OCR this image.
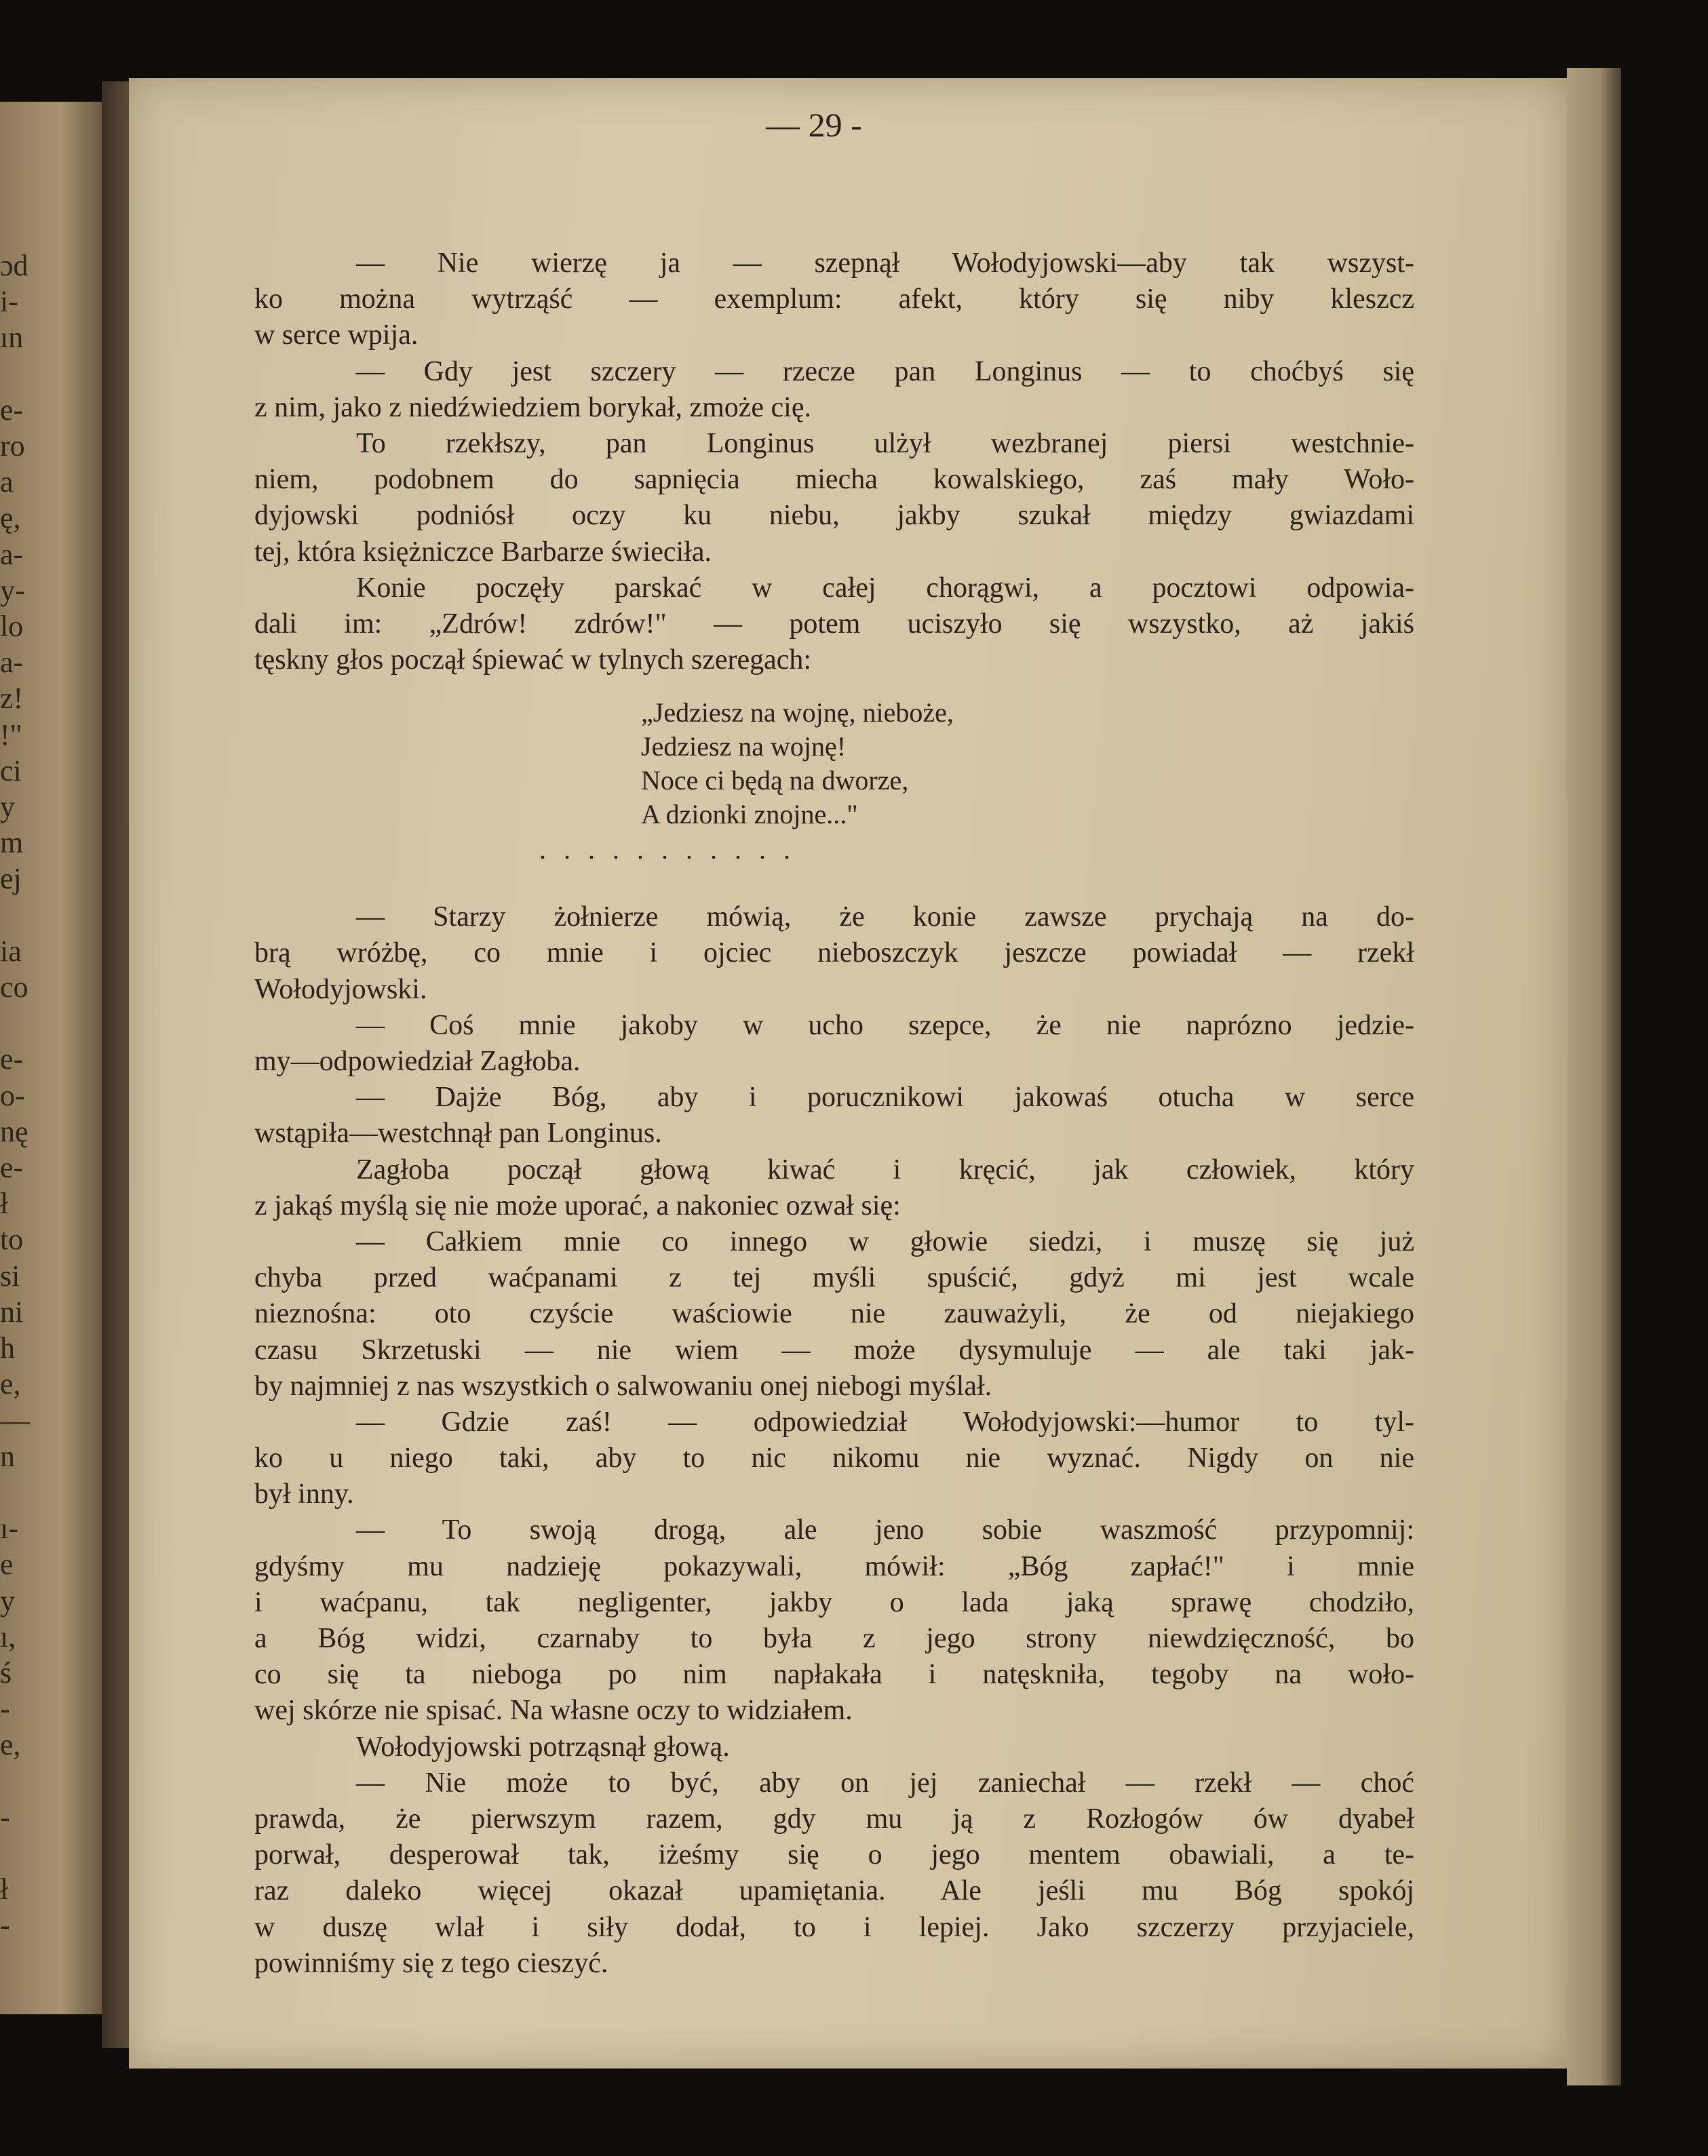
ɔd
i-
ın

e-
ro
a
ę,
a-
y-
lo
a-
z!
!"
ci
y
m
ej

ia
co

e-
o-
nę
e-
ł
to
si
ni
h
e,
—
n

ı-
e
y
ı,
ś
-
e,

-

ł
-
— 29 -
— Nie wierzę ja — szepnął Wołodyjowski—aby tak wszyst-
ko można wytrząść — exemplum: afekt, który się niby kleszcz
w serce wpija.
— Gdy jest szczery — rzecze pan Longinus — to choćbyś się
z nim, jako z niedźwiedziem borykał, zmoże cię.
To rzekłszy, pan Longinus ulżył wezbranej piersi westchnie-
niem, podobnem do sapnięcia miecha kowalskiego, zaś mały Woło-
dyjowski podniósł oczy ku niebu, jakby szukał między gwiazdami
tej, która księżniczce Barbarze świeciła.
Konie poczęły parskać w całej chorągwi, a pocztowi odpowia-
dali im: „Zdrów! zdrów!" — potem uciszyło się wszystko, aż jakiś
tęskny głos począł śpiewać w tylnych szeregach:
„Jedziesz na wojnę, nieboże,
Jedziesz na wojnę!
Noce ci będą na dworze,
A dzionki znojne..."
...........
— Starzy żołnierze mówią, że konie zawsze prychają na do-
brą wróżbę, co mnie i ojciec nieboszczyk jeszcze powiadał — rzekł
Wołodyjowski.
— Coś mnie jakoby w ucho szepce, że nie naprózno jedzie-
my—odpowiedział Zagłoba.
— Dajże Bóg, aby i porucznikowi jakowaś otucha w serce
wstąpiła—westchnął pan Longinus.
Zagłoba począł głową kiwać i kręcić, jak człowiek, który
z jakąś myślą się nie może uporać, a nakoniec ozwał się:
— Całkiem mnie co innego w głowie siedzi, i muszę się już
chyba przed waćpanami z tej myśli spuścić, gdyż mi jest wcale
nieznośna: oto czyście waściowie nie zauważyli, że od niejakiego
czasu Skrzetuski — nie wiem — może dysymuluje — ale taki jak-
by najmniej z nas wszystkich o salwowaniu onej niebogi myślał.
— Gdzie zaś! — odpowiedział Wołodyjowski:—humor to tyl-
ko u niego taki, aby to nic nikomu nie wyznać. Nigdy on nie
był inny.
— To swoją drogą, ale jeno sobie waszmość przypomnij:
gdyśmy mu nadzieję pokazywali, mówił: „Bóg zapłać!" i mnie
i waćpanu, tak negligenter, jakby o lada jaką sprawę chodziło,
a Bóg widzi, czarnaby to była z jego strony niewdzięczność, bo
co się ta nieboga po nim napłakała i natęskniła, tegoby na woło-
wej skórze nie spisać. Na własne oczy to widziałem.
Wołodyjowski potrząsnął głową.
— Nie może to być, aby on jej zaniechał — rzekł — choć
prawda, że pierwszym razem, gdy mu ją z Rozłogów ów dyabeł
porwał, desperował tak, iżeśmy się o jego mentem obawiali, a te-
raz daleko więcej okazał upamiętania. Ale jeśli mu Bóg spokój
w duszę wlał i siły dodał, to i lepiej. Jako szczerzy przyjaciele,
powinniśmy się z tego cieszyć.
